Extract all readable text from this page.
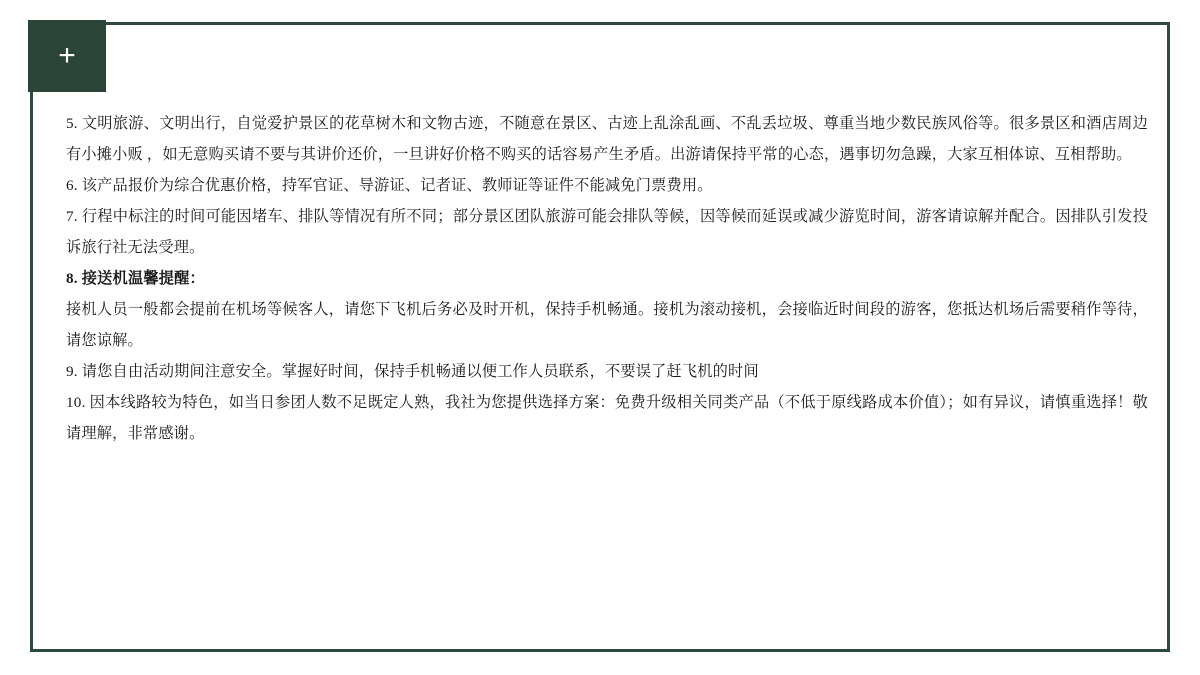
+

5. 文明旅游、文明出行，自觉爱护景区的花草树木和文物古迹，不随意在景区、古迹上乱涂乱画、不乱丢垃圾、尊重当地少数民族风俗等。很多景区和酒店周边有小摊小贩 ，如无意购买请不要与其讲价还价，一旦讲好价格不购买的话容易产生矛盾。出游请保持平常的心态，遇事切勿急躁，大家互相体谅、互相帮助。

6. 该产品报价为综合优惠价格，持军官证、导游证、记者证、教师证等证件不能减免门票费用。

7. 行程中标注的时间可能因堵车、排队等情况有所不同；部分景区团队旅游可能会排队等候，因等候而延误或减少游览时间，游客请谅解并配合。因排队引发投诉旅行社无法受理。

8. 接送机温馨提醒：

接机人员一般都会提前在机场等候客人，请您下飞机后务必及时开机，保持手机畅通。接机为滚动接机，会接临近时间段的游客，您抵达机场后需要稍作等待，请您谅解。

9. 请您自由活动期间注意安全。掌握好时间，保持手机畅通以便工作人员联系，不要误了赶飞机的时间

10. 因本线路较为特色，如当日参团人数不足既定人熟，我社为您提供选择方案：免费升级相关同类产品（不低于原线路成本价值）；如有异议，请慎重选择！敬请理解，非常感谢。
